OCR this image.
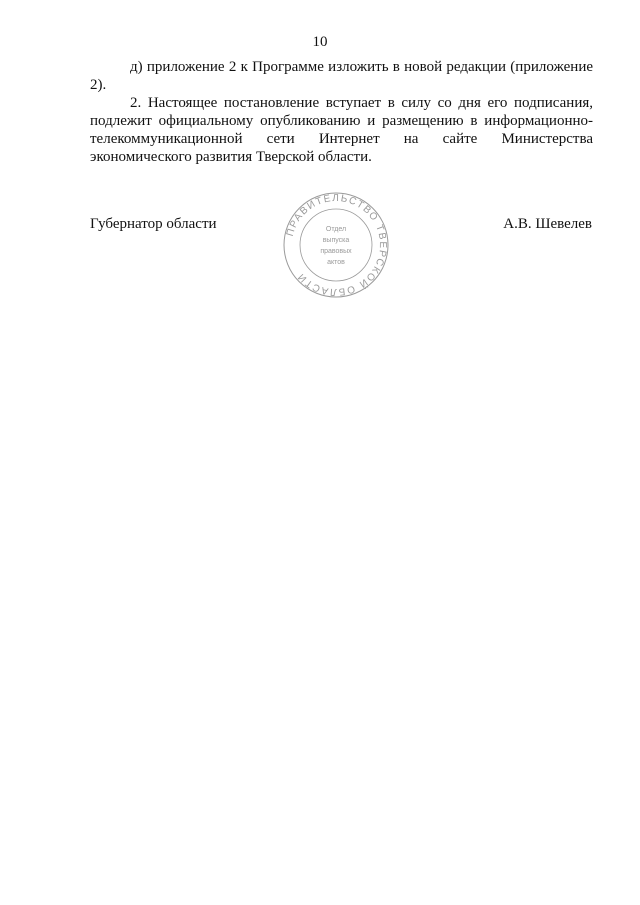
10

д) приложение 2 к Программе изложить в новой редакции (приложение 2).

2. Настоящее постановление вступает в силу со дня его подписания, подлежит официальному опубликованию и размещению в информационно-телекоммуникационной сети Интернет на сайте Министерства экономического развития Тверской области.

Губернатор области	А.В. Шевелев
ПРАВИТЕЛЬСТВО ТВЕРСКОЙ ОБЛАСТИ
Отдел
выпуска
правовых
актов
